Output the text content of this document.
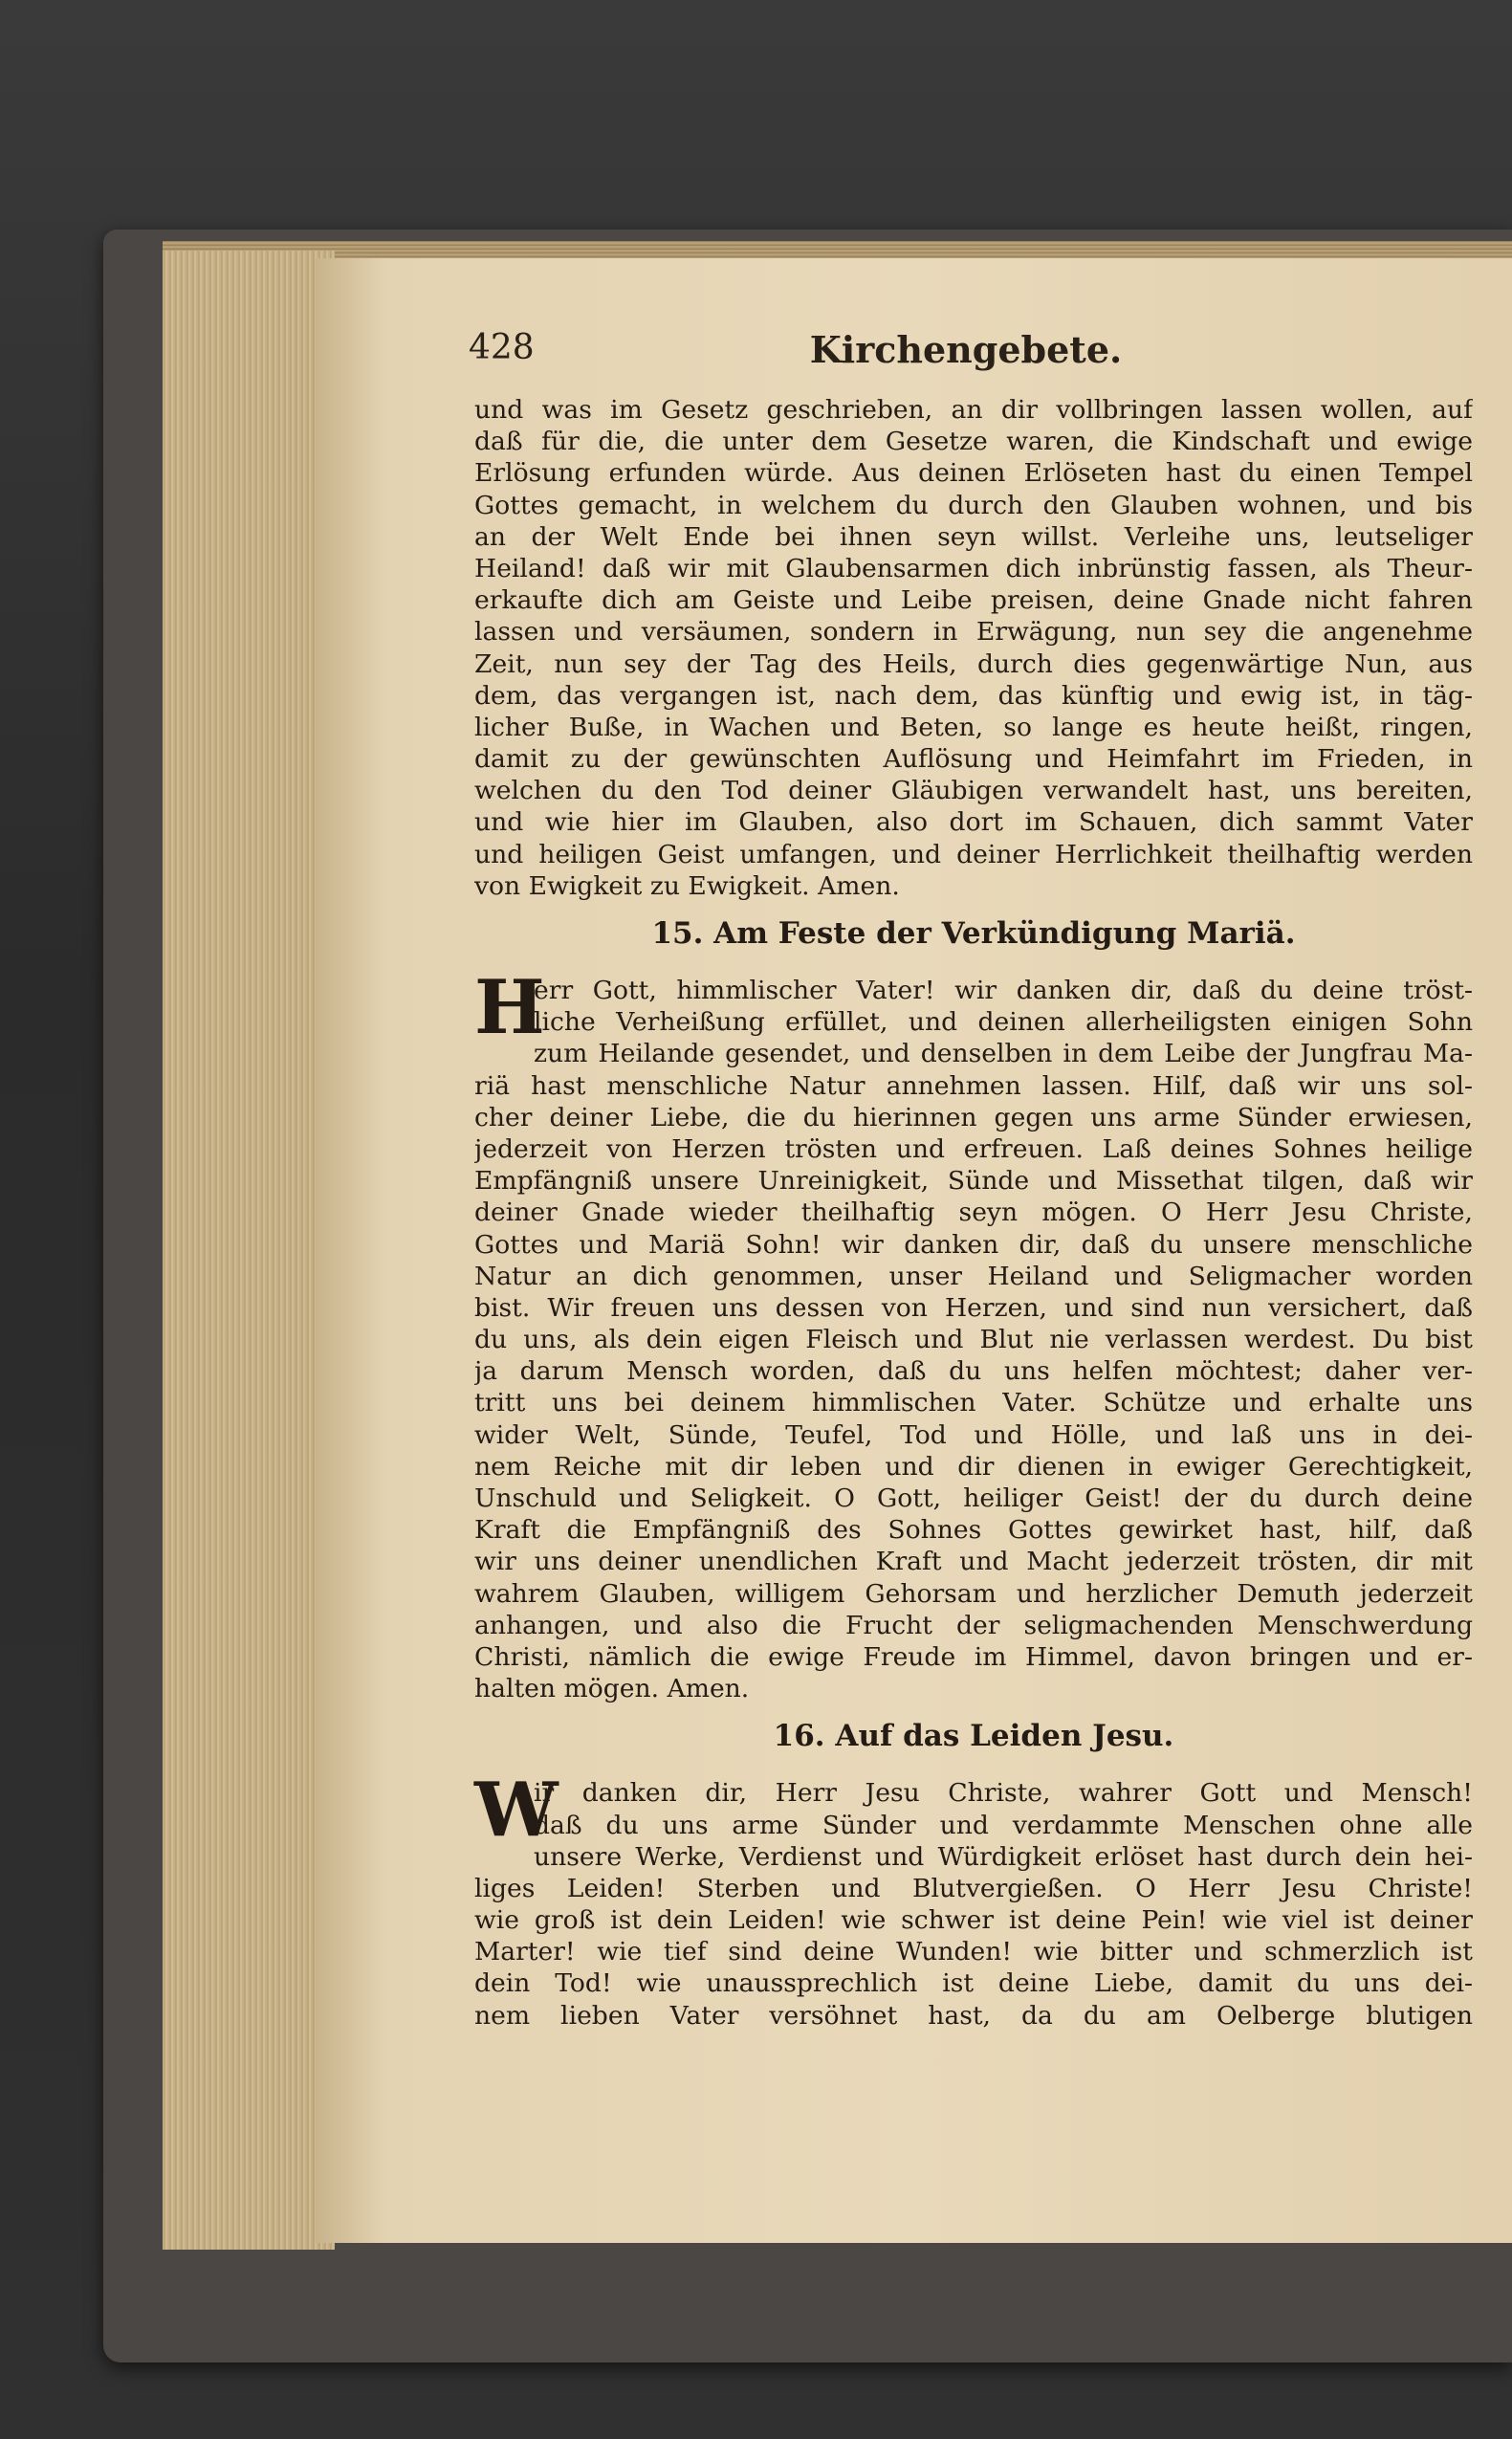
428	Kirchengebete.
und was im Gesetz geschrieben, an dir vollbringen lassen wollen, auf
daß für die, die unter dem Gesetze waren, die Kindschaft und ewige
Erlösung erfunden würde. Aus deinen Erlöseten hast du einen Tempel
Gottes gemacht, in welchem du durch den Glauben wohnen, und bis
an der Welt Ende bei ihnen seyn willst. Verleihe uns, leutseliger
Heiland! daß wir mit Glaubensarmen dich inbrünstig fassen, als Theur-
erkaufte dich am Geiste und Leibe preisen, deine Gnade nicht fahren
lassen und versäumen, sondern in Erwägung, nun sey die angenehme
Zeit, nun sey der Tag des Heils, durch dies gegenwärtige Nun, aus
dem, das vergangen ist, nach dem, das künftig und ewig ist, in täg-
licher Buße, in Wachen und Beten, so lange es heute heißt, ringen,
damit zu der gewünschten Auflösung und Heimfahrt im Frieden, in
welchen du den Tod deiner Gläubigen verwandelt hast, uns bereiten,
und wie hier im Glauben, also dort im Schauen, dich sammt Vater
und heiligen Geist umfangen, und deiner Herrlichkeit theilhaftig werden
von Ewigkeit zu Ewigkeit. Amen.
15. Am Feste der Verkündigung Mariä.
H
err Gott, himmlischer Vater! wir danken dir, daß du deine tröst-
liche Verheißung erfüllet, und deinen allerheiligsten einigen Sohn
zum Heilande gesendet, und denselben in dem Leibe der Jungfrau Ma-
riä hast menschliche Natur annehmen lassen. Hilf, daß wir uns sol-
cher deiner Liebe, die du hierinnen gegen uns arme Sünder erwiesen,
jederzeit von Herzen trösten und erfreuen. Laß deines Sohnes heilige
Empfängniß unsere Unreinigkeit, Sünde und Missethat tilgen, daß wir
deiner Gnade wieder theilhaftig seyn mögen. O Herr Jesu Christe,
Gottes und Mariä Sohn! wir danken dir, daß du unsere menschliche
Natur an dich genommen, unser Heiland und Seligmacher worden
bist. Wir freuen uns dessen von Herzen, und sind nun versichert, daß
du uns, als dein eigen Fleisch und Blut nie verlassen werdest. Du bist
ja darum Mensch worden, daß du uns helfen möchtest; daher ver-
tritt uns bei deinem himmlischen Vater. Schütze und erhalte uns
wider Welt, Sünde, Teufel, Tod und Hölle, und laß uns in dei-
nem Reiche mit dir leben und dir dienen in ewiger Gerechtigkeit,
Unschuld und Seligkeit. O Gott, heiliger Geist! der du durch deine
Kraft die Empfängniß des Sohnes Gottes gewirket hast, hilf, daß
wir uns deiner unendlichen Kraft und Macht jederzeit trösten, dir mit
wahrem Glauben, willigem Gehorsam und herzlicher Demuth jederzeit
anhangen, und also die Frucht der seligmachenden Menschwerdung
Christi, nämlich die ewige Freude im Himmel, davon bringen und er-
halten mögen. Amen.
16. Auf das Leiden Jesu.
W
ir danken dir, Herr Jesu Christe, wahrer Gott und Mensch!
daß du uns arme Sünder und verdammte Menschen ohne alle
unsere Werke, Verdienst und Würdigkeit erlöset hast durch dein hei-
liges Leiden! Sterben und Blutvergießen. O Herr Jesu Christe!
wie groß ist dein Leiden! wie schwer ist deine Pein! wie viel ist deiner
Marter! wie tief sind deine Wunden! wie bitter und schmerzlich ist
dein Tod! wie unaussprechlich ist deine Liebe, damit du uns dei-
nem lieben Vater versöhnet hast, da du am Oelberge blutigen
